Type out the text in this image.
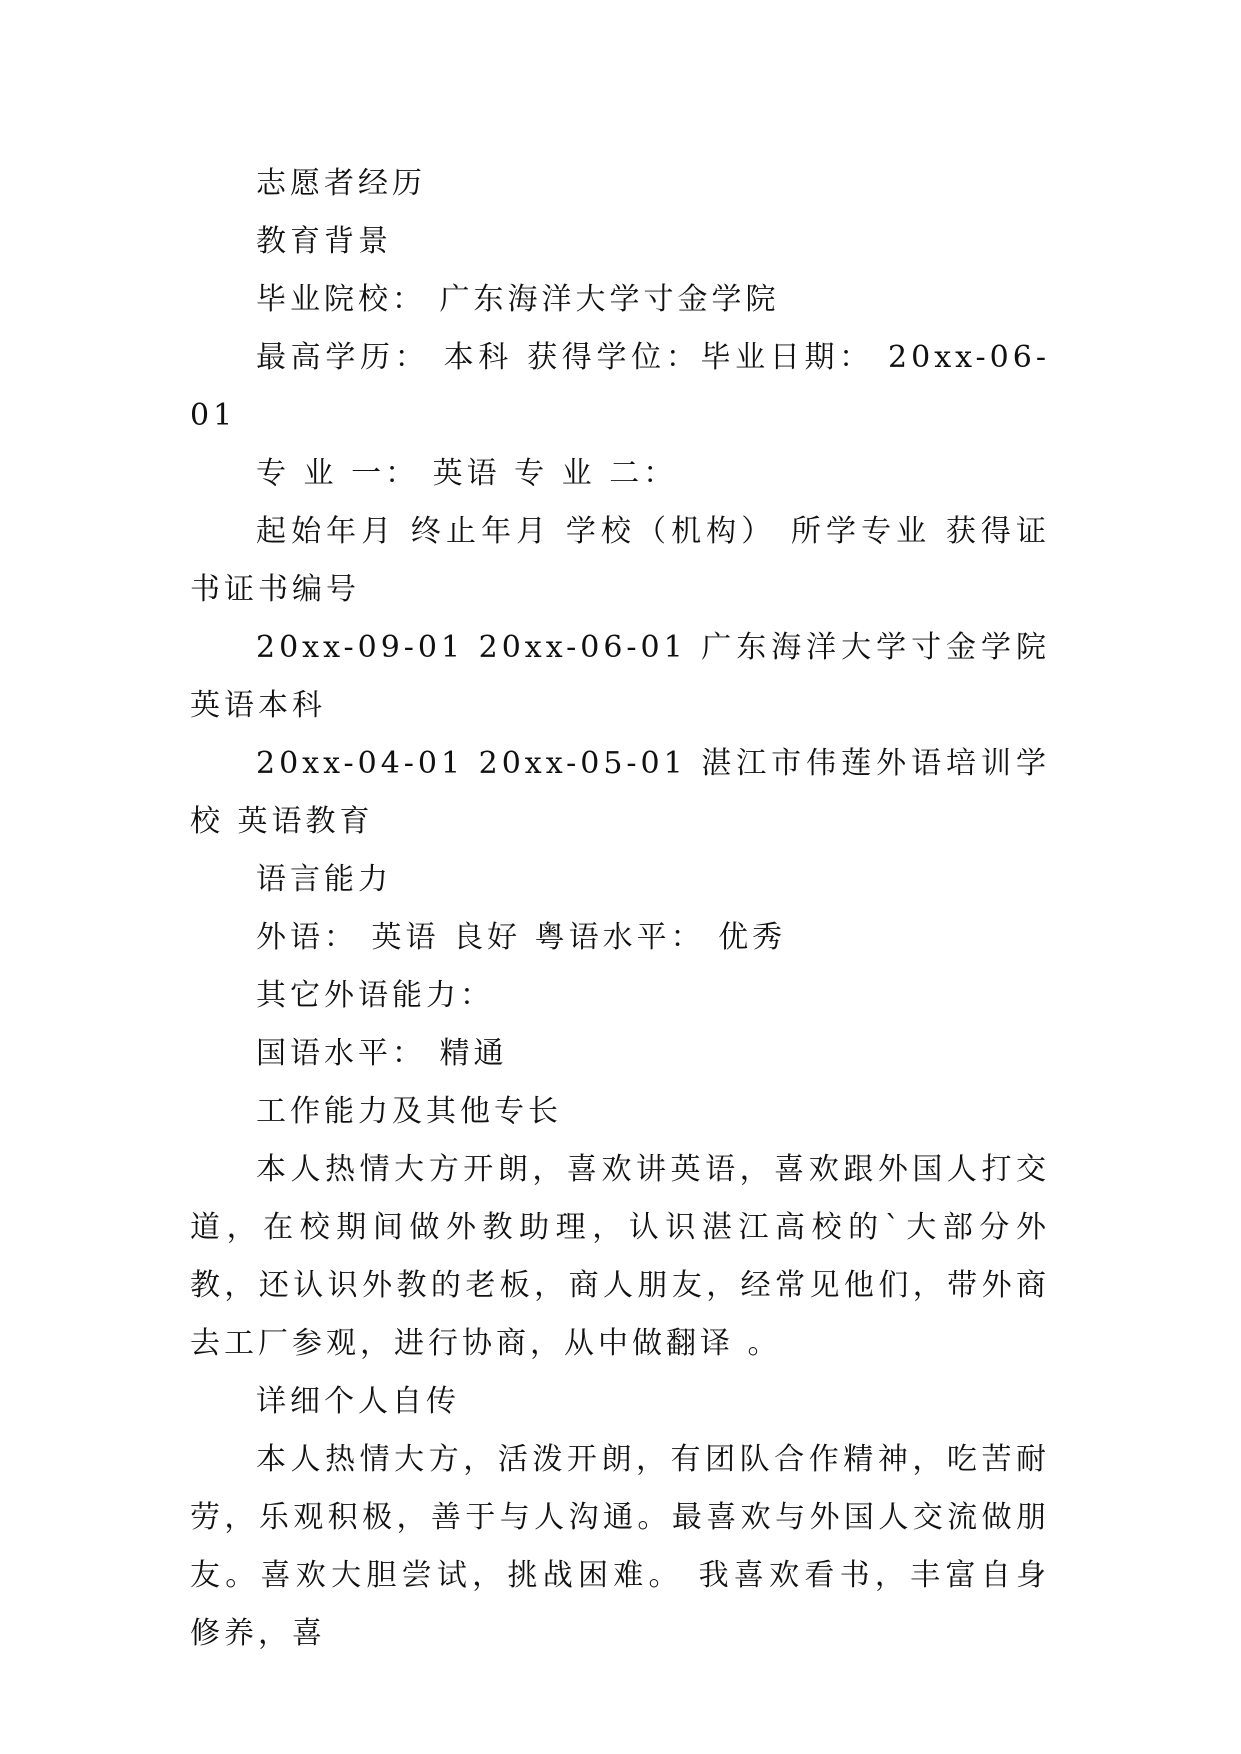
志愿者经历

教育背景

毕业院校： 广东海洋大学寸金学院

最高学历： 本科 获得学位：毕业日期： 20xx-06-01

专 业 一： 英语 专 业 二：

起始年月 终止年月 学校（机构） 所学专业 获得证书证书编号

20xx-09-01 20xx-06-01 广东海洋大学寸金学院 英语本科

20xx-04-01 20xx-05-01 湛江市伟莲外语培训学校 英语教育

语言能力

外语： 英语 良好 粤语水平： 优秀

其它外语能力：

国语水平： 精通

工作能力及其他专长

本人热情大方开朗，喜欢讲英语，喜欢跟外国人打交道，在校期间做外教助理，认识湛江高校的`大部分外教，还认识外教的老板，商人朋友，经常见他们，带外商去工厂参观，进行协商，从中做翻译 。

详细个人自传

本人热情大方，活泼开朗，有团队合作精神，吃苦耐劳，乐观积极，善于与人沟通。最喜欢与外国人交流做朋友。喜欢大胆尝试，挑战困难。 我喜欢看书，丰富自身修养，喜
